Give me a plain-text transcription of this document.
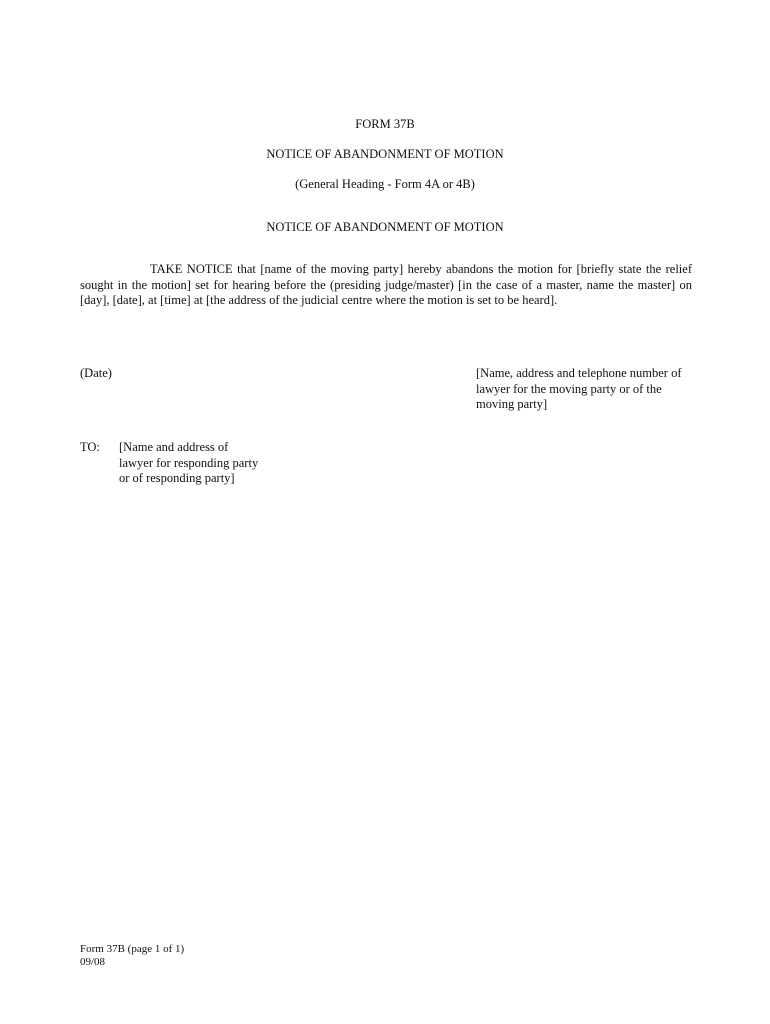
FORM 37B
NOTICE OF ABANDONMENT OF MOTION
(General Heading - Form 4A or 4B)
NOTICE OF ABANDONMENT OF MOTION
TAKE NOTICE that [name of the moving party] hereby abandons the motion for [briefly state the relief sought in the motion] set for hearing before the (presiding judge/master) [in the case of a master, name the master] on [day], [date], at [time] at [the address of the judicial centre where the motion is set to be heard].
(Date)	[Name, address and telephone number of lawyer for the moving party or of the moving party]
TO: [Name and address of lawyer for responding party or of responding party]
Form 37B (page 1 of 1)
09/08
